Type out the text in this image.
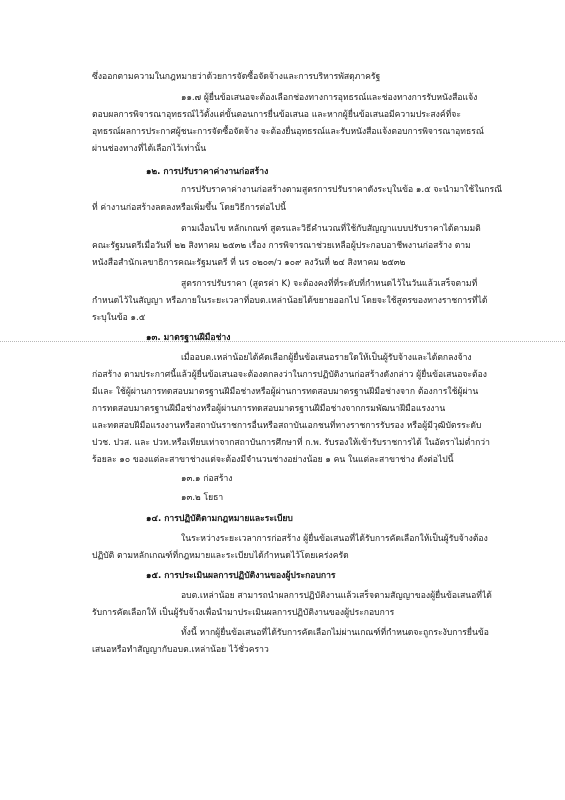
ซึ่งออกตามความในกฎหมายว่าด้วยการจัดซื้อจัดจ้างและการบริหารพัสดุภาครัฐ
๑๑.๗ ผู้ยื่นข้อเสนอจะต้องเลือกช่องทางการอุทธรณ์และช่องทางการรับหนังสือแจ้ง
ตอบผลการพิจารณาอุทธรณ์ไว้ตั้งแต่ขั้นตอนการยื่นข้อเสนอ และหากผู้ยื่นข้อเสนอมีความประสงค์ที่จะ
อุทธรณ์ผลการประกาศผู้ชนะการจัดซื้อจัดจ้าง จะต้องยื่นอุทธรณ์และรับหนังสือแจ้งตอบการพิจารณาอุทธรณ์
ผ่านช่องทางที่ได้เลือกไว้เท่านั้น
๑๒. การปรับราคาค่างานก่อสร้าง
การปรับราคาค่างานก่อสร้างตามสูตรการปรับราคาดังระบุในข้อ ๑.๕ จะนำมาใช้ในกรณี
ที่ ค่างานก่อสร้างลดลงหรือเพิ่มขึ้น โดยวิธีการต่อไปนี้
ตามเงื่อนไข หลักเกณฑ์ สูตรและวิธีคำนวณที่ใช้กับสัญญาแบบปรับราคาได้ตามมติ
คณะรัฐมนตรีเมื่อวันที่ ๒๒ สิงหาคม ๒๕๓๒ เรื่อง การพิจารณาช่วยเหลือผู้ประกอบอาชีพงานก่อสร้าง ตาม
หนังสือสำนักเลขาธิการคณะรัฐมนตรี ที่ นร ๐๒๐๓/ว ๑๐๙ ลงวันที่ ๒๔ สิงหาคม ๒๕๓๒
สูตรการปรับราคา (สูตรค่า K) จะต้องคงที่ที่ระดับที่กำหนดไว้ในวันแล้วเสร็จตามที่
กำหนดไว้ในสัญญา หรือภายในระยะเวลาที่อบต.เหล่าน้อยได้ขยายออกไป โดยจะใช้สูตรของทางราชการที่ได้
ระบุในข้อ ๑.๕
๑๓. มาตรฐานฝีมือช่าง
เมื่ออบต.เหล่าน้อยได้คัดเลือกผู้ยื่นข้อเสนอรายใดให้เป็นผู้รับจ้างและได้ตกลงจ้าง
ก่อสร้าง ตามประกาศนี้แล้วผู้ยื่นข้อเสนอจะต้องตกลงว่าในการปฏิบัติงานก่อสร้างดังกล่าว ผู้ยื่นข้อเสนอจะต้อง
มีและ ใช้ผู้ผ่านการทดสอบมาตรฐานฝีมือช่างหรือผู้ผ่านการทดสอบมาตรฐานฝีมือช่างจาก ต้องการใช้ผู้ผ่าน
การทดสอบมาตรฐานฝีมือช่างหรือผู้ผ่านการทดสอบมาตรฐานฝีมือช่างจากกรมพัฒนาฝีมือแรงงาน
และทดสอบฝีมือแรงงานหรือสถาบันราชการอื่นหรือสถาบันเอกชนที่ทางราชการรับรอง หรือผู้มีวุฒิบัตรระดับ
ปวช. ปวส. และ ปวท.หรือเทียบเท่าจากสถาบันการศึกษาที่ ก.พ. รับรองให้เข้ารับราชการได้ ในอัตราไม่ต่ำกว่า
ร้อยละ ๑๐ ของแต่ละสาขาช่างแต่จะต้องมีจำนวนช่างอย่างน้อย ๑ คน ในแต่ละสาขาช่าง ดังต่อไปนี้
๑๓.๑ ก่อสร้าง
๑๓.๒ โยธา
๑๔. การปฏิบัติตามกฎหมายและระเบียบ
ในระหว่างระยะเวลาการก่อสร้าง ผู้ยื่นข้อเสนอที่ได้รับการคัดเลือกให้เป็นผู้รับจ้างต้อง
ปฏิบัติ ตามหลักเกณฑ์ที่กฎหมายและระเบียบได้กำหนดไว้โดยเคร่งครัด
๑๕. การประเมินผลการปฏิบัติงานของผู้ประกอบการ
อบต.เหล่าน้อย สามารถนำผลการปฏิบัติงานแล้วเสร็จตามสัญญาของผู้ยื่นข้อเสนอที่ได้
รับการคัดเลือกให้ เป็นผู้รับจ้างเพื่อนำมาประเมินผลการปฏิบัติงานของผู้ประกอบการ
ทั้งนี้ หากผู้ยื่นข้อเสนอที่ได้รับการคัดเลือกไม่ผ่านเกณฑ์ที่กำหนดจะถูกระงับการยื่นข้อ
เสนอหรือทำสัญญากับอบต.เหล่าน้อย ไว้ชั่วคราว
